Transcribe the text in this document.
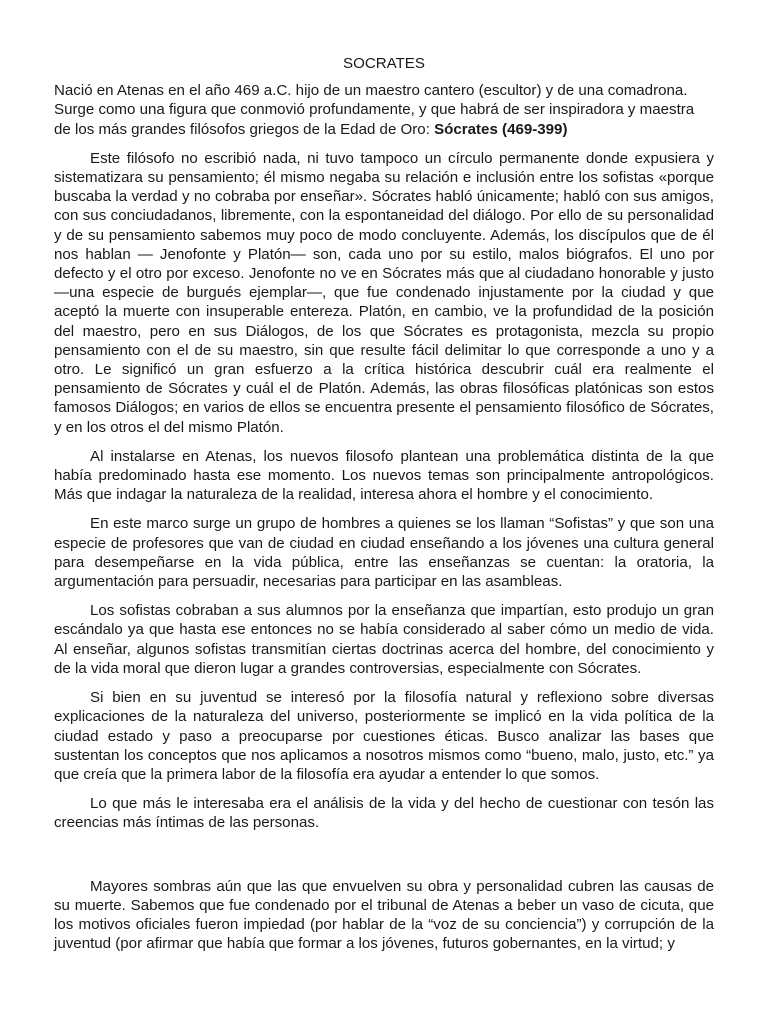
SOCRATES

Nació en Atenas en el año 469 a.C. hijo de un maestro cantero (escultor) y de una comadrona. Surge como una figura que conmovió profundamente, y que habrá de ser inspiradora y maestra de los más grandes filósofos griegos de la Edad de Oro: Sócrates (469-399)

Este filósofo no escribió nada, ni tuvo tampoco un círculo permanente donde expusiera y sistematizara su pensamiento; él mismo negaba su relación e inclusión entre los sofistas «porque buscaba la verdad y no cobraba por enseñar». Sócrates habló únicamente; habló con sus amigos, con sus conciudadanos, libremente, con la espontaneidad del diálogo. Por ello de su personalidad y de su pensamiento sabemos muy poco de modo concluyente. Además, los discípulos que de él nos hablan — Jenofonte y Platón— son, cada uno por su estilo, malos biógrafos. El uno por defecto y el otro por exceso. Jenofonte no ve en Sócrates más que al ciudadano honorable y justo —una especie de burgués ejemplar—, que fue condenado injustamente por la ciudad y que aceptó la muerte con insuperable entereza. Platón, en cambio, ve la profundidad de la posición del maestro, pero en sus Diálogos, de los que Sócrates es protagonista, mezcla su propio pensamiento con el de su maestro, sin que resulte fácil delimitar lo que corresponde a uno y a otro. Le significó un gran esfuerzo a la crítica histórica descubrir cuál era realmente el pensamiento de Sócrates y cuál el de Platón. Además, las obras filosóficas platónicas son estos famosos Diálogos; en varios de ellos se encuentra presente el pensamiento filosófico de Sócrates, y en los otros el del mismo Platón.

Al instalarse en Atenas, los nuevos filosofo plantean una problemática distinta de la que había predominado hasta ese momento. Los nuevos temas son principalmente antropológicos. Más que indagar la naturaleza de la realidad, interesa ahora el hombre y el conocimiento.

En este marco surge un grupo de hombres a quienes se los llaman “Sofistas” y que son una especie de profesores que van de ciudad en ciudad enseñando a los jóvenes una cultura general para desempeñarse en la vida pública, entre las enseñanzas se cuentan: la oratoria, la argumentación para persuadir, necesarias para participar en las asambleas.

Los sofistas cobraban a sus alumnos por la enseñanza que impartían, esto produjo un gran escándalo ya que hasta ese entonces no se había considerado al saber cómo un medio de vida. Al enseñar, algunos sofistas transmitían ciertas doctrinas acerca del hombre, del conocimiento y de la vida moral que dieron lugar a grandes controversias, especialmente con Sócrates.

Si bien en su juventud se interesó por la filosofía natural y reflexiono sobre diversas explicaciones de la naturaleza del universo, posteriormente se implicó en la vida política de la ciudad estado y paso a preocuparse por cuestiones éticas. Busco analizar las bases que sustentan los conceptos que nos aplicamos a nosotros mismos como “bueno, malo, justo, etc.” ya que creía que la primera labor de la filosofía era ayudar a entender lo que somos.

Lo que más le interesaba era el análisis de la vida y del hecho de cuestionar con tesón las creencias más íntimas de las personas.

Mayores sombras aún que las que envuelven su obra y personalidad cubren las causas de su muerte. Sabemos que fue condenado por el tribunal de Atenas a beber un vaso de cicuta, que los motivos oficiales fueron impiedad (por hablar de la “voz de su conciencia”) y corrupción de la juventud (por afirmar que había que formar a los jóvenes, futuros gobernantes, en la virtud; y
